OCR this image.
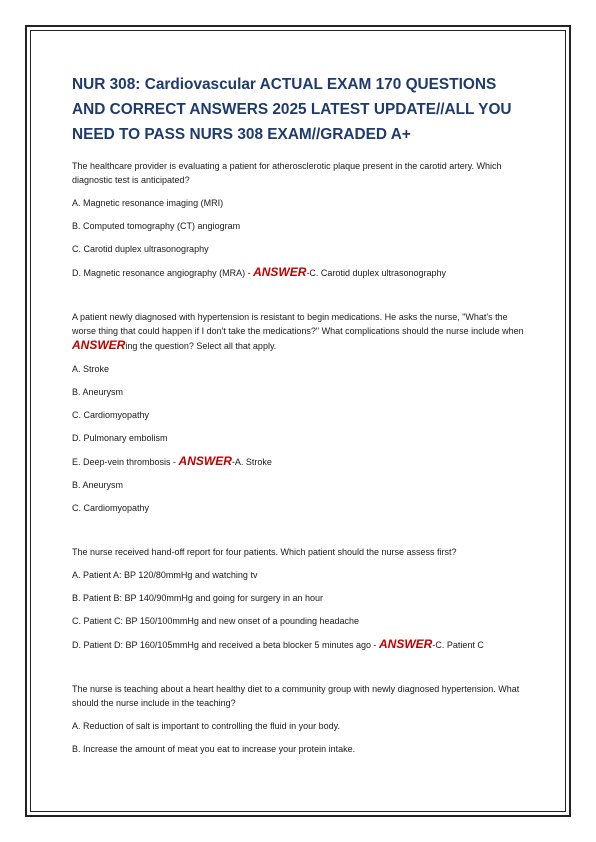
NUR 308: Cardiovascular ACTUAL EXAM 170 QUESTIONS AND CORRECT ANSWERS 2025 LATEST UPDATE//ALL YOU NEED TO PASS NURS 308 EXAM//GRADED A+

The healthcare provider is evaluating a patient for atherosclerotic plaque present in the carotid artery. Which diagnostic test is anticipated?

A. Magnetic resonance imaging (MRI)

B. Computed tomography (CT) angiogram

C. Carotid duplex ultrasonography

D. Magnetic resonance angiography (MRA) - ANSWER-C. Carotid duplex ultrasonography

A patient newly diagnosed with hypertension is resistant to begin medications. He asks the nurse, "What's the worse thing that could happen if I don't take the medications?" What complications should the nurse include when ANSWERing the question? Select all that apply.

A. Stroke

B. Aneurysm

C. Cardiomyopathy

D. Pulmonary embolism

E. Deep-vein thrombosis - ANSWER-A. Stroke

B. Aneurysm

C. Cardiomyopathy

The nurse received hand-off report for four patients. Which patient should the nurse assess first?

A. Patient A: BP 120/80mmHg and watching tv

B. Patient B: BP 140/90mmHg and going for surgery in an hour

C. Patient C: BP 150/100mmHg and new onset of a pounding headache

D. Patient D: BP 160/105mmHg and received a beta blocker 5 minutes ago - ANSWER-C. Patient C

The nurse is teaching about a heart healthy diet to a community group with newly diagnosed hypertension. What should the nurse include in the teaching?

A. Reduction of salt is important to controlling the fluid in your body.

B. Increase the amount of meat you eat to increase your protein intake.
